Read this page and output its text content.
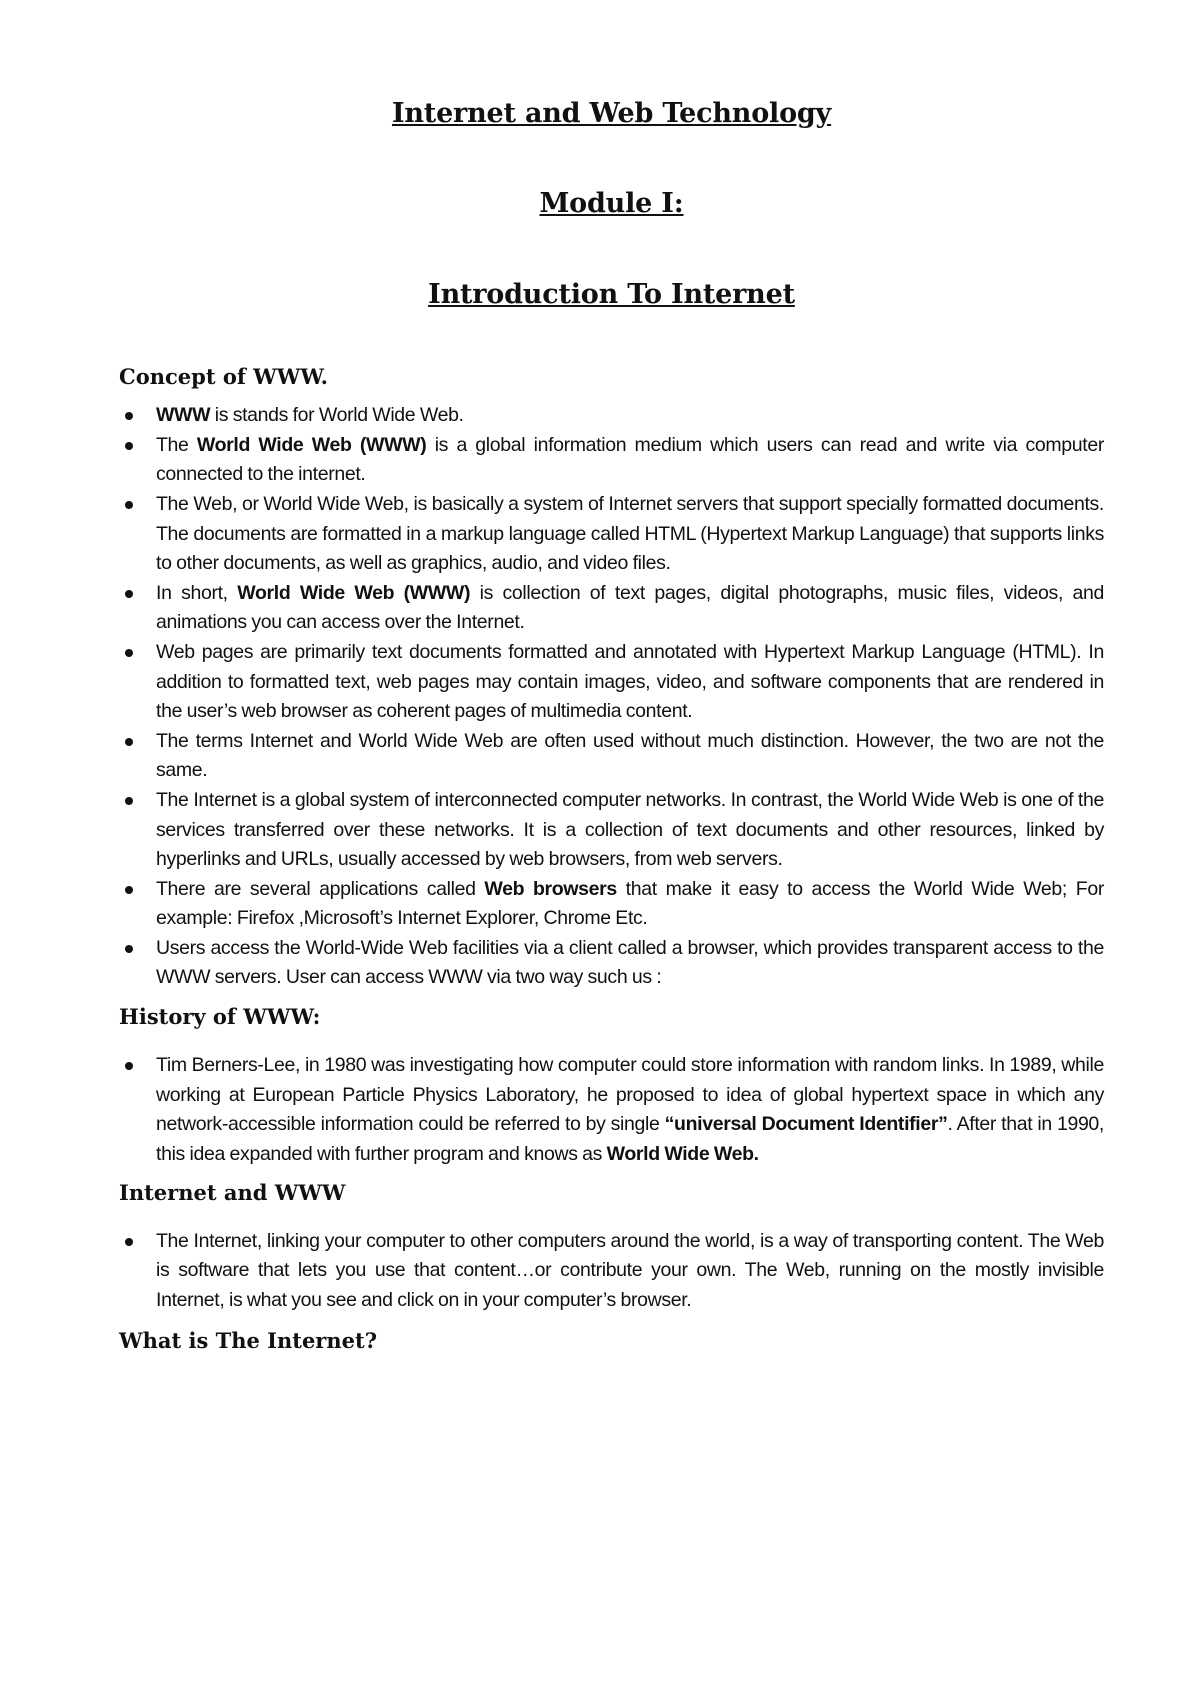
Internet and Web Technology

Module I:

Introduction To Internet

Concept of WWW.
WWW is stands for World Wide Web.
The World Wide Web (WWW) is a global information medium which users can read and write via computer connected to the internet.
The Web, or World Wide Web, is basically a system of Internet servers that support specially formatted documents. The documents are formatted in a markup language called HTML (Hypertext Markup Language) that supports links to other documents, as well as graphics, audio, and video files.
In short, World Wide Web (WWW) is collection of text pages, digital photographs, music files, videos, and animations you can access over the Internet.
Web pages are primarily text documents formatted and annotated with Hypertext Markup Language (HTML). In addition to formatted text, web pages may contain images, video, and software components that are rendered in the user’s web browser as coherent pages of multimedia content.
The terms Internet and World Wide Web are often used without much distinction. However, the two are not the same.
The Internet is a global system of interconnected computer networks. In contrast, the World Wide Web is one of the services transferred over these networks. It is a collection of text documents and other resources, linked by hyperlinks and URLs, usually accessed by web browsers, from web servers.
There are several applications called Web browsers that make it easy to access the World Wide Web; For example: Firefox ,Microsoft’s Internet Explorer, Chrome Etc.
Users access the World-Wide Web facilities via a client called a browser, which provides transparent access to the WWW servers. User can access WWW via two way such us :
History of WWW:
Tim Berners-Lee, in 1980 was investigating how computer could store information with random links. In 1989, while working at European Particle Physics Laboratory, he proposed to idea of global hypertext space in which any network-accessible information could be referred to by single “universal Document Identifier”. After that in 1990, this idea expanded with further program and knows as World Wide Web.
Internet and WWW
The Internet, linking your computer to other computers around the world, is a way of transporting content. The Web is software that lets you use that content…or contribute your own. The Web, running on the mostly invisible Internet, is what you see and click on in your computer’s browser.
What is The Internet?
